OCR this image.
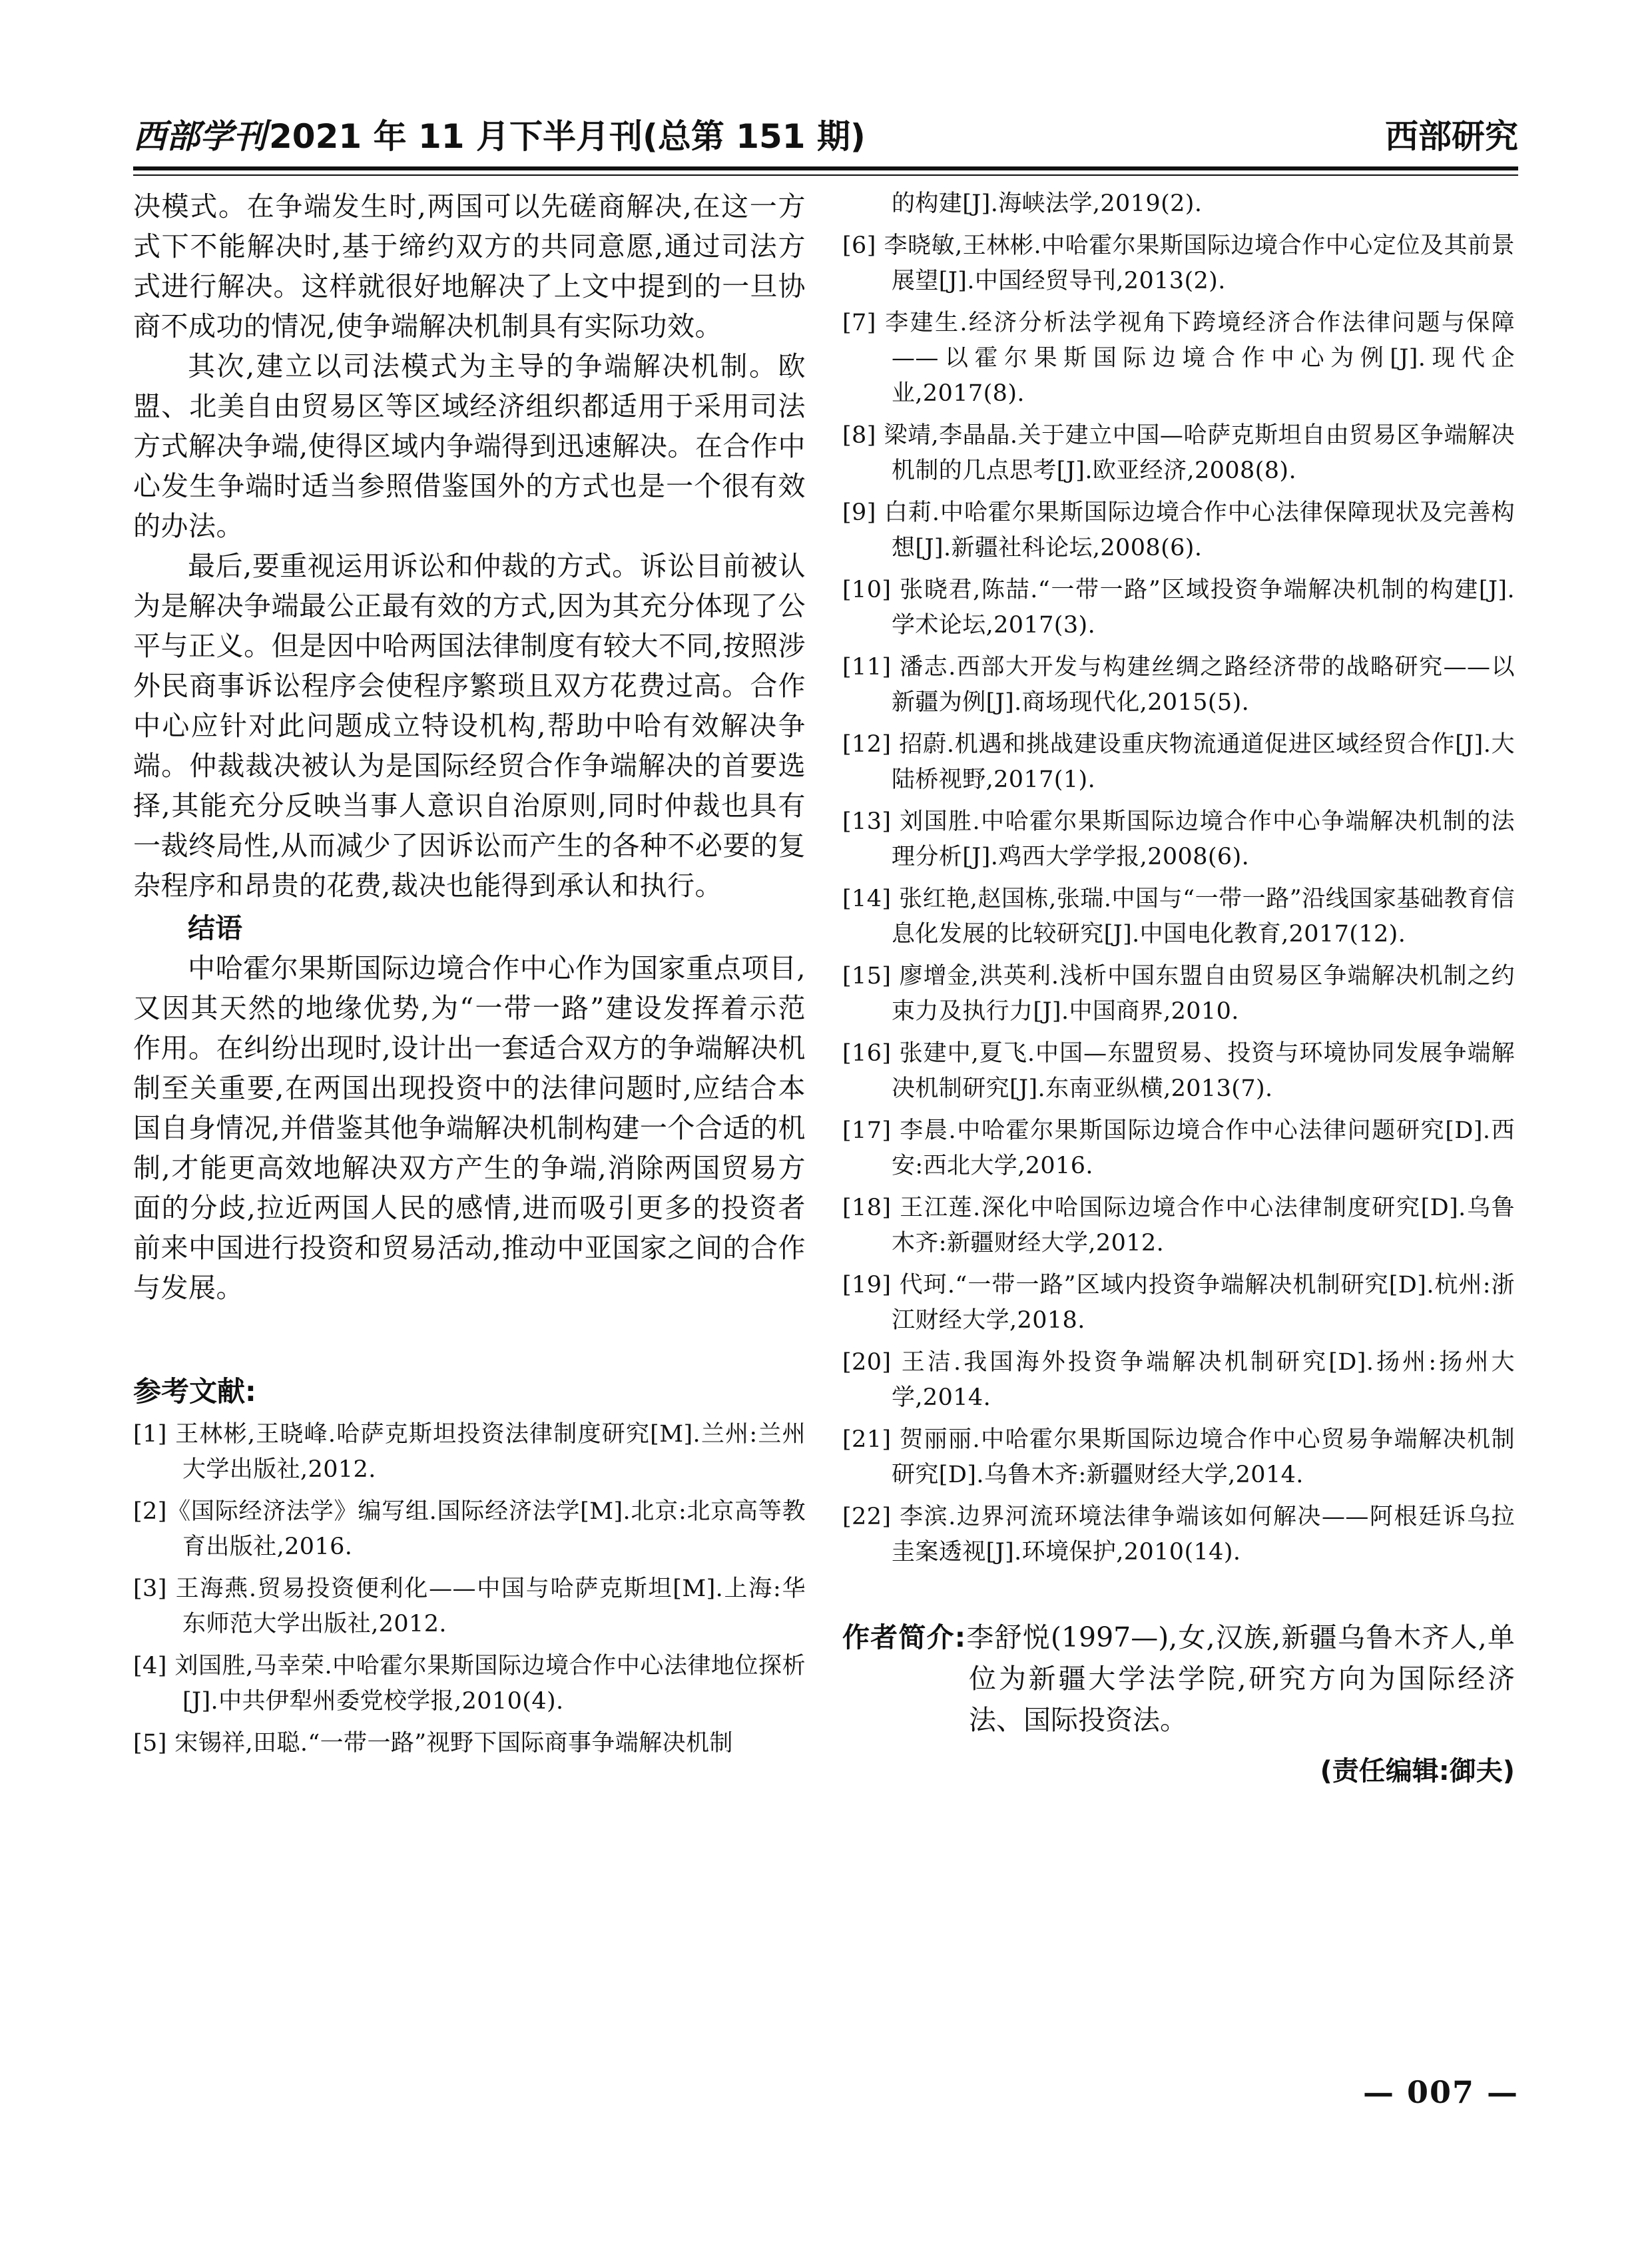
西部学刊2021 年 11 月下半月刊(总第 151 期)	西部研究

决模式。在争端发生时,两国可以先磋商解决,在这一方式下不能解决时,基于缔约双方的共同意愿,通过司法方式进行解决。这样就很好地解决了上文中提到的一旦协商不成功的情况,使争端解决机制具有实际功效。

其次,建立以司法模式为主导的争端解决机制。欧盟、北美自由贸易区等区域经济组织都适用于采用司法方式解决争端,使得区域内争端得到迅速解决。在合作中心发生争端时适当参照借鉴国外的方式也是一个很有效的办法。

最后,要重视运用诉讼和仲裁的方式。诉讼目前被认为是解决争端最公正最有效的方式,因为其充分体现了公平与正义。但是因中哈两国法律制度有较大不同,按照涉外民商事诉讼程序会使程序繁琐且双方花费过高。合作中心应针对此问题成立特设机构,帮助中哈有效解决争端。仲裁裁决被认为是国际经贸合作争端解决的首要选择,其能充分反映当事人意识自治原则,同时仲裁也具有一裁终局性,从而减少了因诉讼而产生的各种不必要的复杂程序和昂贵的花费,裁决也能得到承认和执行。

结语

中哈霍尔果斯国际边境合作中心作为国家重点项目,又因其天然的地缘优势,为“一带一路”建设发挥着示范作用。在纠纷出现时,设计出一套适合双方的争端解决机制至关重要,在两国出现投资中的法律问题时,应结合本国自身情况,并借鉴其他争端解决机制构建一个合适的机制,才能更高效地解决双方产生的争端,消除两国贸易方面的分歧,拉近两国人民的感情,进而吸引更多的投资者前来中国进行投资和贸易活动,推动中亚国家之间的合作与发展。

参考文献:

[1] 王林彬,王晓峰.哈萨克斯坦投资法律制度研究[M].兰州:兰州大学出版社,2012.

[2]《国际经济法学》编写组.国际经济法学[M].北京:北京高等教育出版社,2016.

[3] 王海燕.贸易投资便利化——中国与哈萨克斯坦[M].上海:华东师范大学出版社,2012.

[4] 刘国胜,马幸荣.中哈霍尔果斯国际边境合作中心法律地位探析[J].中共伊犁州委党校学报,2010(4).

[5] 宋锡祥,田聪.“一带一路”视野下国际商事争端解决机制

的构建[J].海峡法学,2019(2).

[6] 李晓敏,王林彬.中哈霍尔果斯国际边境合作中心定位及其前景展望[J].中国经贸导刊,2013(2).

[7] 李建生.经济分析法学视角下跨境经济合作法律问题与保障——以霍尔果斯国际边境合作中心为例[J].现代企业,2017(8).

[8] 梁靖,李晶晶.关于建立中国—哈萨克斯坦自由贸易区争端解决机制的几点思考[J].欧亚经济,2008(8).

[9] 白莉.中哈霍尔果斯国际边境合作中心法律保障现状及完善构想[J].新疆社科论坛,2008(6).

[10] 张晓君,陈喆.“一带一路”区域投资争端解决机制的构建[J].学术论坛,2017(3).

[11] 潘志.西部大开发与构建丝绸之路经济带的战略研究——以新疆为例[J].商场现代化,2015(5).

[12] 招蔚.机遇和挑战建设重庆物流通道促进区域经贸合作[J].大陆桥视野,2017(1).

[13] 刘国胜.中哈霍尔果斯国际边境合作中心争端解决机制的法理分析[J].鸡西大学学报,2008(6).

[14] 张红艳,赵国栋,张瑞.中国与“一带一路”沿线国家基础教育信息化发展的比较研究[J].中国电化教育,2017(12).

[15] 廖增金,洪英利.浅析中国东盟自由贸易区争端解决机制之约束力及执行力[J].中国商界,2010.

[16] 张建中,夏飞.中国—东盟贸易、投资与环境协同发展争端解决机制研究[J].东南亚纵横,2013(7).

[17] 李晨.中哈霍尔果斯国际边境合作中心法律问题研究[D].西安:西北大学,2016.

[18] 王江莲.深化中哈国际边境合作中心法律制度研究[D].乌鲁木齐:新疆财经大学,2012.

[19] 代珂.“一带一路”区域内投资争端解决机制研究[D].杭州:浙江财经大学,2018.

[20] 王洁.我国海外投资争端解决机制研究[D].扬州:扬州大学,2014.

[21] 贺丽丽.中哈霍尔果斯国际边境合作中心贸易争端解决机制研究[D].乌鲁木齐:新疆财经大学,2014.

[22] 李滨.边界河流环境法律争端该如何解决——阿根廷诉乌拉圭案透视[J].环境保护,2010(14).

作者简介:李舒悦(1997—),女,汉族,新疆乌鲁木齐人,单位为新疆大学法学院,研究方向为国际经济法、国际投资法。
(责任编辑:御夫)
— 007 —
